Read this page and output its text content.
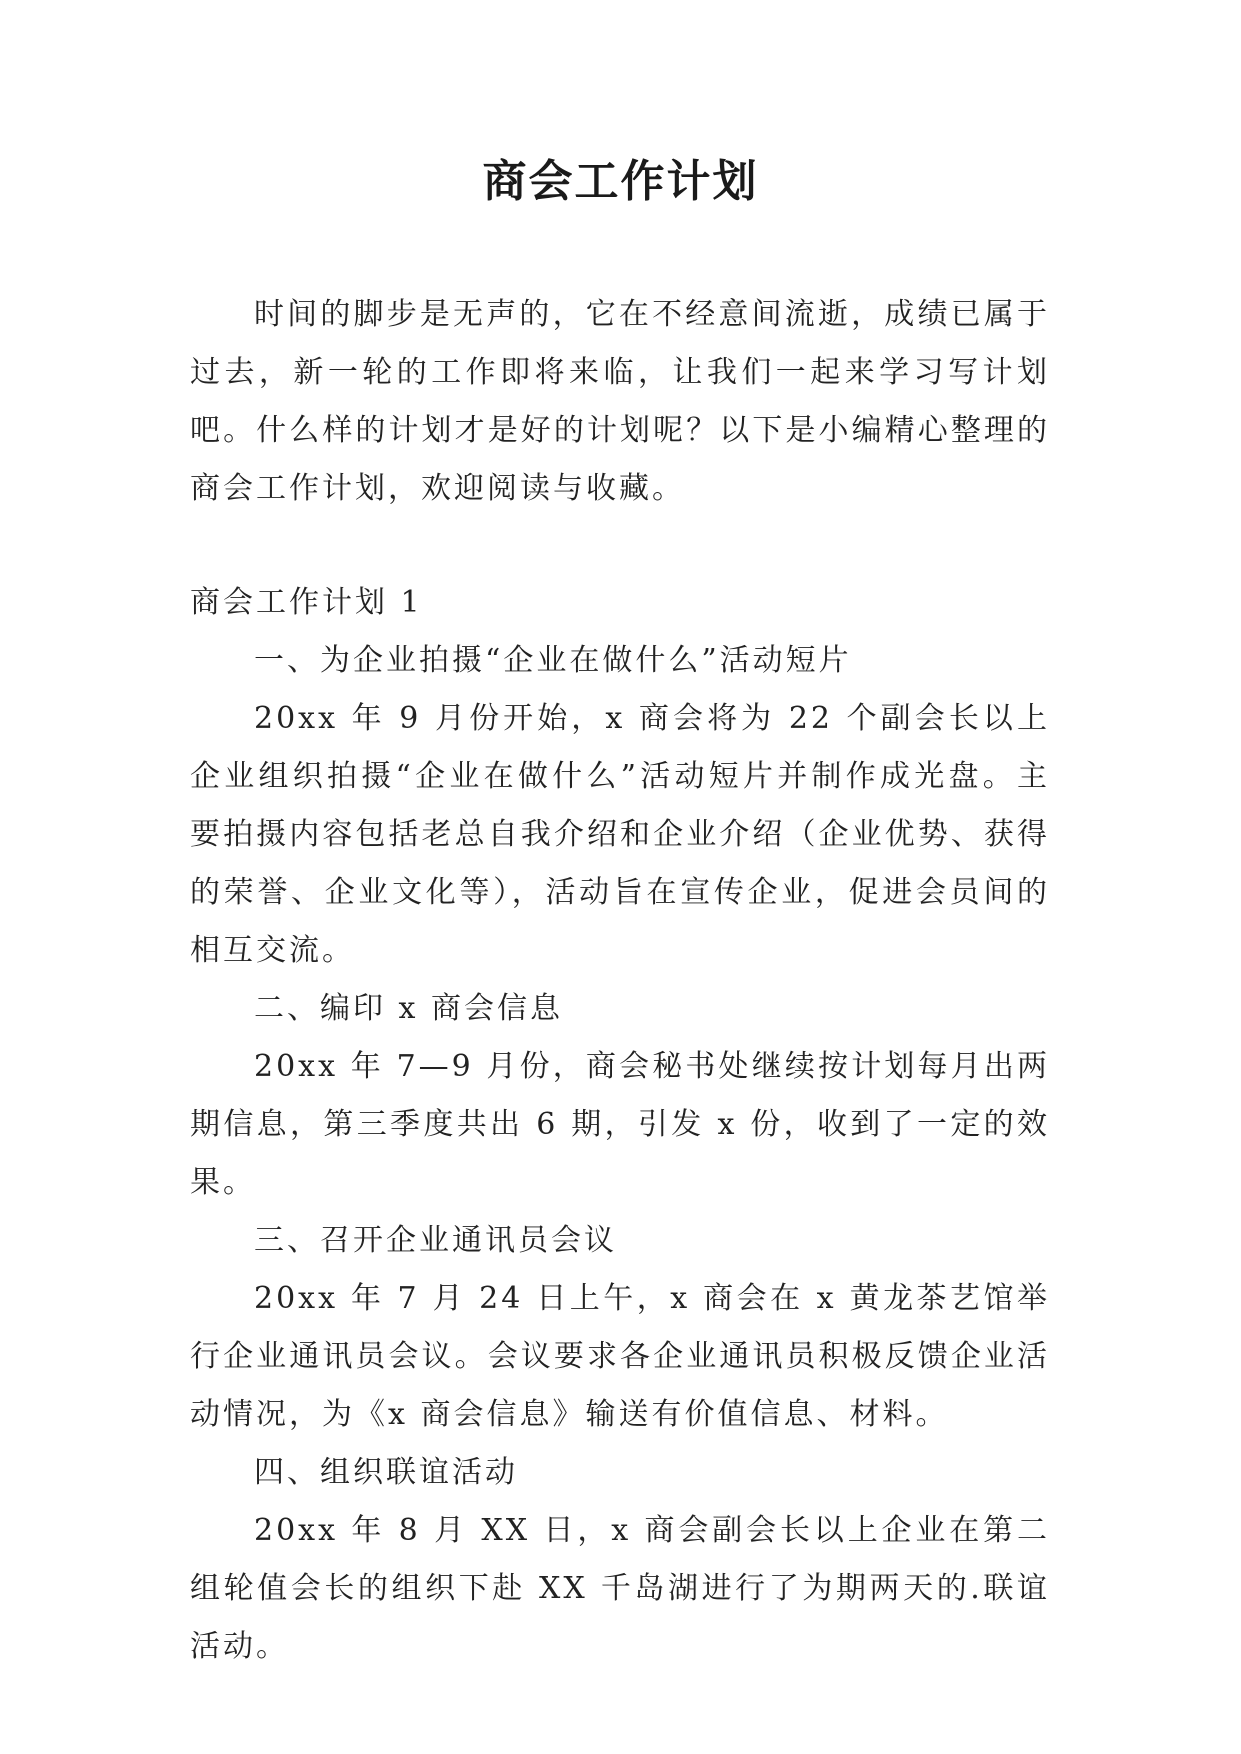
商会工作计划

时间的脚步是无声的，它在不经意间流逝，成绩已属于过去，新一轮的工作即将来临，让我们一起来学习写计划吧。什么样的计划才是好的计划呢？以下是小编精心整理的商会工作计划，欢迎阅读与收藏。

商会工作计划 1

一、为企业拍摄“企业在做什么”活动短片

20xx 年 9 月份开始，x 商会将为 22 个副会长以上企业组织拍摄“企业在做什么”活动短片并制作成光盘。主要拍摄内容包括老总自我介绍和企业介绍（企业优势、获得的荣誉、企业文化等），活动旨在宣传企业，促进会员间的相互交流。

二、编印 x 商会信息

20xx 年 7—9 月份，商会秘书处继续按计划每月出两期信息，第三季度共出 6 期，引发 x 份，收到了一定的效果。

三、召开企业通讯员会议

20xx 年 7 月 24 日上午，x 商会在 x 黄龙茶艺馆举行企业通讯员会议。会议要求各企业通讯员积极反馈企业活动情况，为《x 商会信息》输送有价值信息、材料。

四、组织联谊活动

20xx 年 8 月 XX 日，x 商会副会长以上企业在第二组轮值会长的组织下赴 XX 千岛湖进行了为期两天的.联谊活动。
